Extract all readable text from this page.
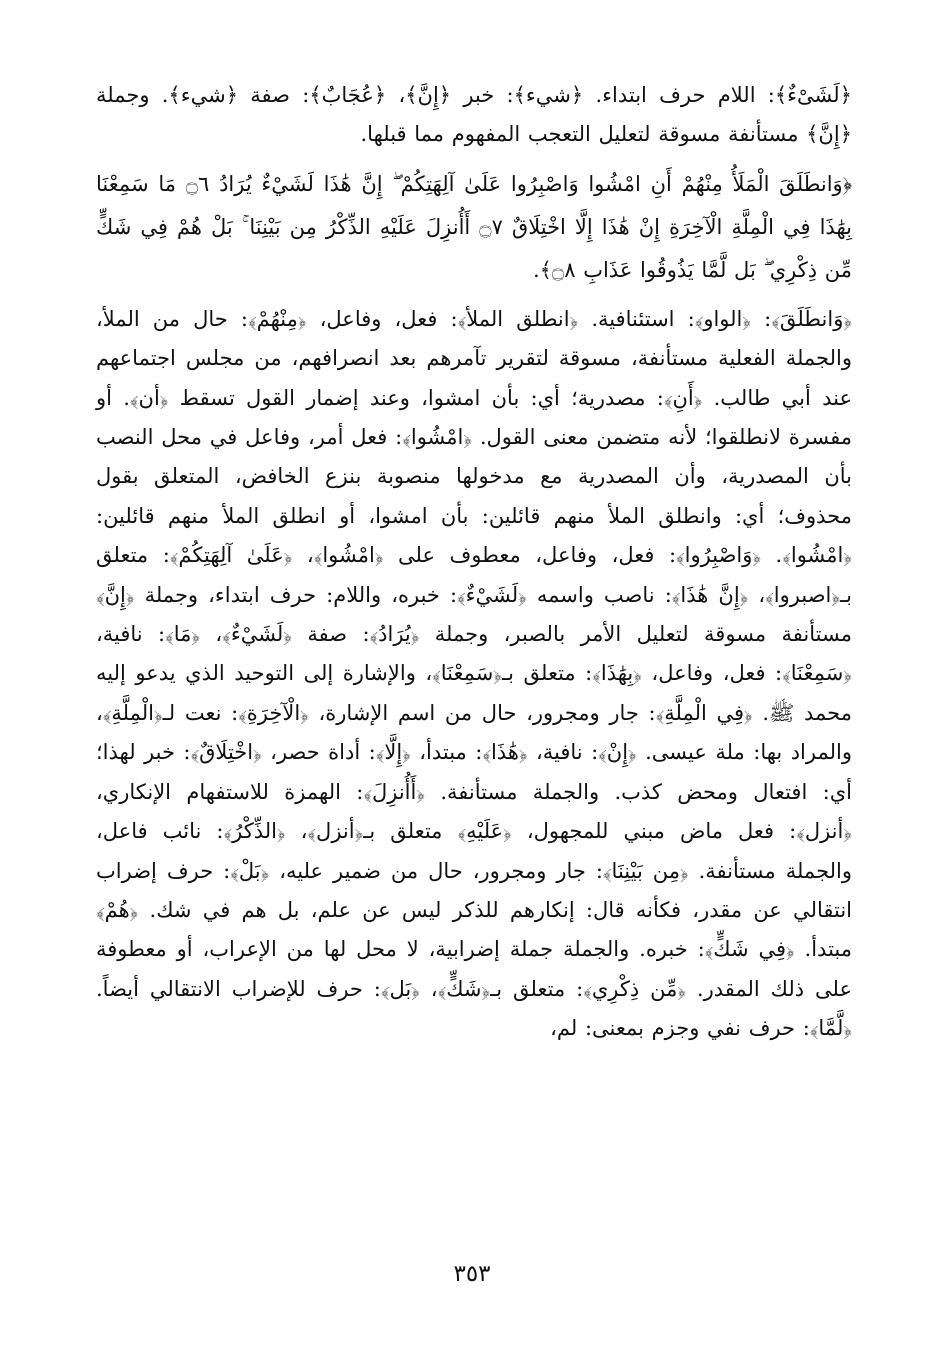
﴿لَشَىْءٌ﴾: اللام حرف ابتداء. ﴿شيء﴾: خبر ﴿إِنَّ﴾، ﴿عُجَابٌ﴾: صفة ﴿شيء﴾. وجملة ﴿إِنَّ﴾ مستأنفة مسوقة لتعليل التعجب المفهوم مما قبلها.

﴿وَانطَلَقَ الْمَلَأُ مِنْهُمْ أَنِ امْشُوا وَاصْبِرُوا عَلَىٰ آلِهَتِكُمْ ۖ إِنَّ هَٰذَا لَشَيْءٌ يُرَادُ ۝٦ مَا سَمِعْنَا بِهَٰذَا فِي الْمِلَّةِ الْآخِرَةِ إِنْ هَٰذَا إِلَّا اخْتِلَاقٌ ۝٧ أَأُنزِلَ عَلَيْهِ الذِّكْرُ مِن بَيْنِنَا ۚ بَلْ هُمْ فِي شَكٍّ مِّن ذِكْرِي ۖ بَل لَّمَّا يَذُوقُوا عَذَابِ ۝٨﴾.

﴿وَانطَلَقَ﴾: ﴿الواو﴾: استئنافية. ﴿انطلق الملأ﴾: فعل، وفاعل، ﴿مِنْهُمْ﴾: حال من الملأ، والجملة الفعلية مستأنفة، مسوقة لتقرير تآمرهم بعد انصرافهم، من مجلس اجتماعهم عند أبي طالب. ﴿أَنِ﴾: مصدرية؛ أي: بأن امشوا، وعند إضمار القول تسقط ﴿أن﴾. أو مفسرة لانطلقوا؛ لأنه متضمن معنى القول. ﴿امْشُوا﴾: فعل أمر، وفاعل في محل النصب بأن المصدرية، وأن المصدرية مع مدخولها منصوبة بنزع الخافض، المتعلق بقول محذوف؛ أي: وانطلق الملأ منهم قائلين: بأن امشوا، أو انطلق الملأ منهم قائلين: ﴿امْشُوا﴾. ﴿وَاصْبِرُوا﴾: فعل، وفاعل، معطوف على ﴿امْشُوا﴾، ﴿عَلَىٰ آلِهَتِكُمْ﴾: متعلق بـ﴿اصبروا﴾، ﴿إِنَّ هَٰذَا﴾: ناصب واسمه ﴿لَشَيْءٌ﴾: خبره، واللام: حرف ابتداء، وجملة ﴿إِنَّ﴾ مستأنفة مسوقة لتعليل الأمر بالصبر، وجملة ﴿يُرَادُ﴾: صفة ﴿لَشَيْءٌ﴾، ﴿مَا﴾: نافية، ﴿سَمِعْنَا﴾: فعل، وفاعل، ﴿بِهَٰذَا﴾: متعلق بـ﴿سَمِعْنَا﴾، والإشارة إلى التوحيد الذي يدعو إليه محمد ﷺ. ﴿فِي الْمِلَّةِ﴾: جار ومجرور، حال من اسم الإشارة، ﴿الْآخِرَةِ﴾: نعت لـ﴿الْمِلَّةِ﴾، والمراد بها: ملة عيسى. ﴿إِنْ﴾: نافية، ﴿هَٰذَا﴾: مبتدأ، ﴿إِلَّا﴾: أداة حصر، ﴿اخْتِلَاقٌ﴾: خبر لهذا؛ أي: افتعال ومحض كذب. والجملة مستأنفة. ﴿أَأُنزِلَ﴾: الهمزة للاستفهام الإنكاري، ﴿أنزل﴾: فعل ماض مبني للمجهول، ﴿عَلَيْهِ﴾ متعلق بـ﴿أنزل﴾، ﴿الذِّكْرُ﴾: نائب فاعل، والجملة مستأنفة. ﴿مِن بَيْنِنَا﴾: جار ومجرور، حال من ضمير عليه، ﴿بَلْ﴾: حرف إضراب انتقالي عن مقدر، فكأنه قال: إنكارهم للذكر ليس عن علم، بل هم في شك. ﴿هُمْ﴾ مبتدأ. ﴿فِي شَكٍّ﴾: خبره. والجملة جملة إضرابية، لا محل لها من الإعراب، أو معطوفة على ذلك المقدر. ﴿مِّن ذِكْرِي﴾: متعلق بـ﴿شَكٍّ﴾، ﴿بَل﴾: حرف للإضراب الانتقالي أيضاً. ﴿لَّمَّا﴾: حرف نفي وجزم بمعنى: لم،

٣٥٣
